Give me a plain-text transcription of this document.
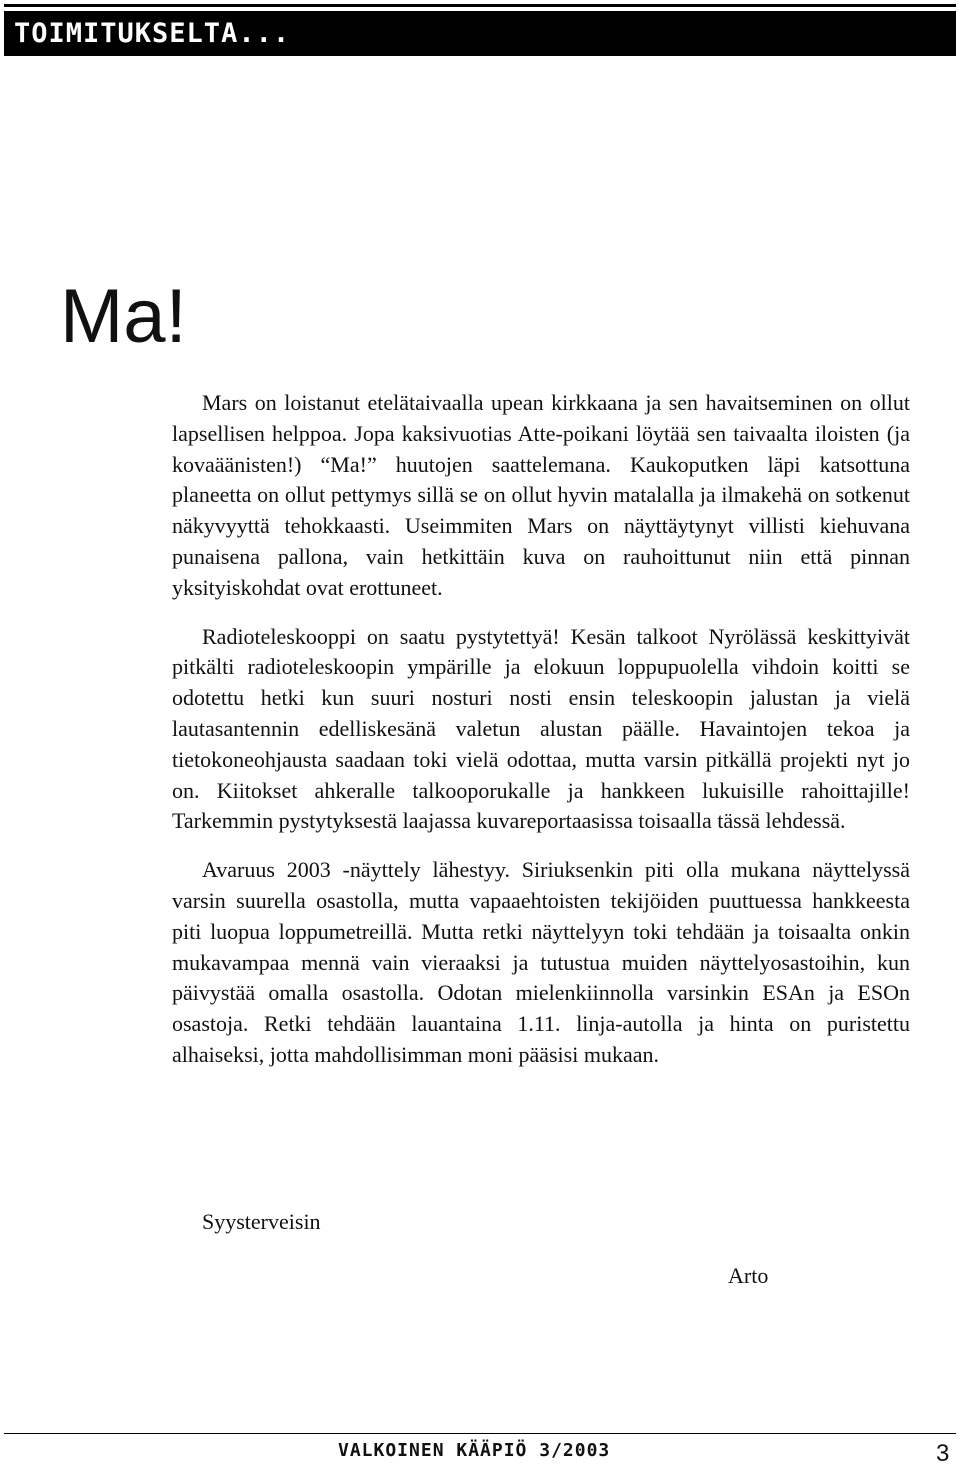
TOIMITUKSELTA...
Ma!

Mars on loistanut etelätaivaalla upean kirkkaana ja sen havaitseminen on ollut lapsellisen helppoa. Jopa kaksivuotias Atte-poikani löytää sen taivaalta iloisten (ja kovaäänisten!) “Ma!” huutojen saattelemana. Kaukoputken läpi katsottuna planeetta on ollut pettymys sillä se on ollut hyvin matalalla ja ilmakehä on sotkenut näkyvyyttä tehokkaasti. Useimmiten Mars on näyttäytynyt villisti kiehuvana punaisena pallona, vain hetkittäin kuva on rauhoittunut niin että pinnan yksityiskohdat ovat erottuneet.

Radioteleskooppi on saatu pystytettyä! Kesän talkoot Nyrölässä keskittyivät pitkälti radioteleskoopin ympärille ja elokuun loppupuolella vihdoin koitti se odotettu hetki kun suuri nosturi nosti ensin teleskoopin jalustan ja vielä lautasantennin edelliskesänä valetun alustan päälle. Havaintojen tekoa ja tietokoneohjausta saadaan toki vielä odottaa, mutta varsin pitkällä projekti nyt jo on. Kiitokset ahkeralle talkooporukalle ja hankkeen lukuisille rahoittajille! Tarkemmin pystytyksestä laajassa kuvareportaasissa toisaalla tässä lehdessä.

Avaruus 2003 -näyttely lähestyy. Siriuksenkin piti olla mukana näyttelyssä varsin suurella osastolla, mutta vapaaehtoisten tekijöiden puuttuessa hankkeesta piti luopua loppumetreillä. Mutta retki näyttelyyn toki tehdään ja toisaalta onkin mukavampaa mennä vain vieraaksi ja tutustua muiden näyttelyosastoihin, kun päivystää omalla osastolla. Odotan mielenkiinnolla varsinkin ESAn ja ESOn osastoja. Retki tehdään lauantaina 1.11. linja-autolla ja hinta on puristettu alhaiseksi, jotta mahdollisimman moni pääsisi mukaan.

Syysterveisin
Arto
VALKOINEN KÄÄPIÖ 3/2003	3
